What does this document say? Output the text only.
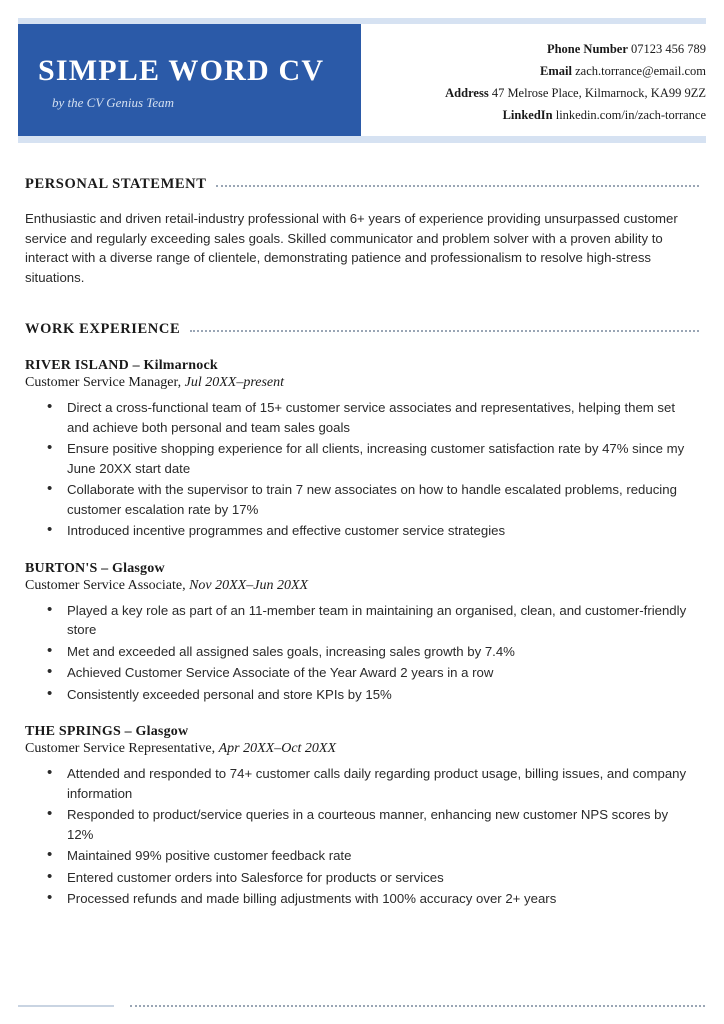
SIMPLE WORD CV
by the CV Genius Team
Phone Number 07123 456 789
Email zach.torrance@email.com
Address 47 Melrose Place, Kilmarnock, KA99 9ZZ
LinkedIn linkedin.com/in/zach-torrance
PERSONAL STATEMENT

Enthusiastic and driven retail-industry professional with 6+ years of experience providing unsurpassed customer service and regularly exceeding sales goals. Skilled communicator and problem solver with a proven ability to interact with a diverse range of clientele, demonstrating patience and professionalism to resolve high-stress situations.

WORK EXPERIENCE
RIVER ISLAND – Kilmarnock
Customer Service Manager, Jul 20XX–present
• Direct a cross-functional team of 15+ customer service associates and representatives, helping them set and achieve both personal and team sales goals
• Ensure positive shopping experience for all clients, increasing customer satisfaction rate by 47% since my June 20XX start date
• Collaborate with the supervisor to train 7 new associates on how to handle escalated problems, reducing customer escalation rate by 17%
• Introduced incentive programmes and effective customer service strategies
BURTON'S – Glasgow
Customer Service Associate, Nov 20XX–Jun 20XX
• Played a key role as part of an 11-member team in maintaining an organised, clean, and customer-friendly store
• Met and exceeded all assigned sales goals, increasing sales growth by 7.4%
• Achieved Customer Service Associate of the Year Award 2 years in a row
• Consistently exceeded personal and store KPIs by 15%
THE SPRINGS – Glasgow
Customer Service Representative, Apr 20XX–Oct 20XX
• Attended and responded to 74+ customer calls daily regarding product usage, billing issues, and company information
• Responded to product/service queries in a courteous manner, enhancing new customer NPS scores by 12%
• Maintained 99% positive customer feedback rate
• Entered customer orders into Salesforce for products or services
• Processed refunds and made billing adjustments with 100% accuracy over 2+ years
